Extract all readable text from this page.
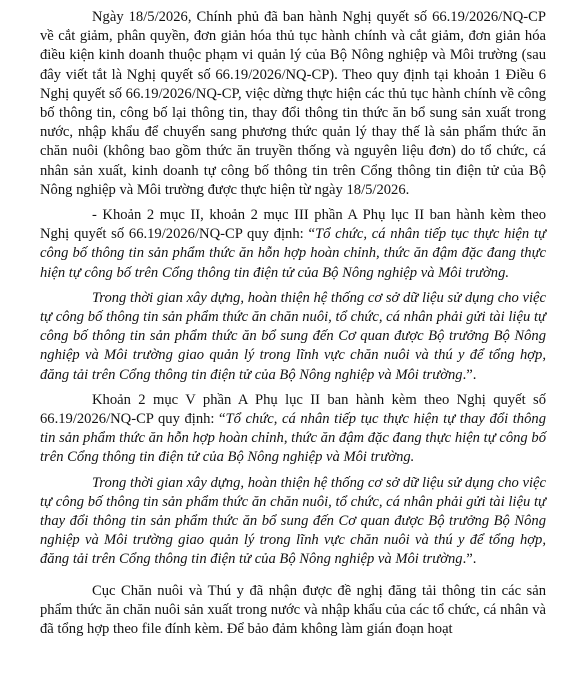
Ngày 18/5/2026, Chính phủ đã ban hành Nghị quyết số 66.19/2026/NQ-CP về cắt giảm, phân quyền, đơn giản hóa thủ tục hành chính và cắt giảm, đơn giản hóa điều kiện kinh doanh thuộc phạm vi quản lý của Bộ Nông nghiệp và Môi trường (sau đây viết tắt là Nghị quyết số 66.19/2026/NQ-CP). Theo quy định tại khoản 1 Điều 6 Nghị quyết số 66.19/2026/NQ-CP, việc dừng thực hiện các thủ tục hành chính về công bố thông tin, công bố lại thông tin, thay đổi thông tin thức ăn bổ sung sản xuất trong nước, nhập khẩu để chuyển sang phương thức quản lý thay thế là sản phẩm thức ăn chăn nuôi (không bao gồm thức ăn truyền thống và nguyên liệu đơn) do tổ chức, cá nhân sản xuất, kinh doanh tự công bố thông tin trên Cổng thông tin điện tử của Bộ Nông nghiệp và Môi trường được thực hiện từ ngày 18/5/2026.

- Khoản 2 mục II, khoản 2 mục III phần A Phụ lục II ban hành kèm theo Nghị quyết số 66.19/2026/NQ-CP quy định: “Tổ chức, cá nhân tiếp tục thực hiện tự công bố thông tin sản phẩm thức ăn hỗn hợp hoàn chỉnh, thức ăn đậm đặc đang thực hiện tự công bố trên Cổng thông tin điện tử của Bộ Nông nghiệp và Môi trường.

Trong thời gian xây dựng, hoàn thiện hệ thống cơ sở dữ liệu sử dụng cho việc tự công bố thông tin sản phẩm thức ăn chăn nuôi, tổ chức, cá nhân phải gửi tài liệu tự công bố thông tin sản phẩm thức ăn bổ sung đến Cơ quan được Bộ trưởng Bộ Nông nghiệp và Môi trường giao quản lý trong lĩnh vực chăn nuôi và thú y để tổng hợp, đăng tải trên Cổng thông tin điện tử của Bộ Nông nghiệp và Môi trường.”.

Khoản 2 mục V phần A Phụ lục II ban hành kèm theo Nghị quyết số 66.19/2026/NQ-CP quy định: “Tổ chức, cá nhân tiếp tục thực hiện tự thay đổi thông tin sản phẩm thức ăn hỗn hợp hoàn chỉnh, thức ăn đậm đặc đang thực hiện tự công bố trên Cổng thông tin điện tử của Bộ Nông nghiệp và Môi trường.

Trong thời gian xây dựng, hoàn thiện hệ thống cơ sở dữ liệu sử dụng cho việc tự công bố thông tin sản phẩm thức ăn chăn nuôi, tổ chức, cá nhân phải gửi tài liệu tự thay đổi thông tin sản phẩm thức ăn bổ sung đến Cơ quan được Bộ trưởng Bộ Nông nghiệp và Môi trường giao quản lý trong lĩnh vực chăn nuôi và thú y để tổng hợp, đăng tải trên Cổng thông tin điện tử của Bộ Nông nghiệp và Môi trường.”.

Cục Chăn nuôi và Thú y đã nhận được đề nghị đăng tải thông tin các sản phẩm thức ăn chăn nuôi sản xuất trong nước và nhập khẩu của các tổ chức, cá nhân và đã tổng hợp theo file đính kèm. Để bảo đảm không làm gián đoạn hoạt
